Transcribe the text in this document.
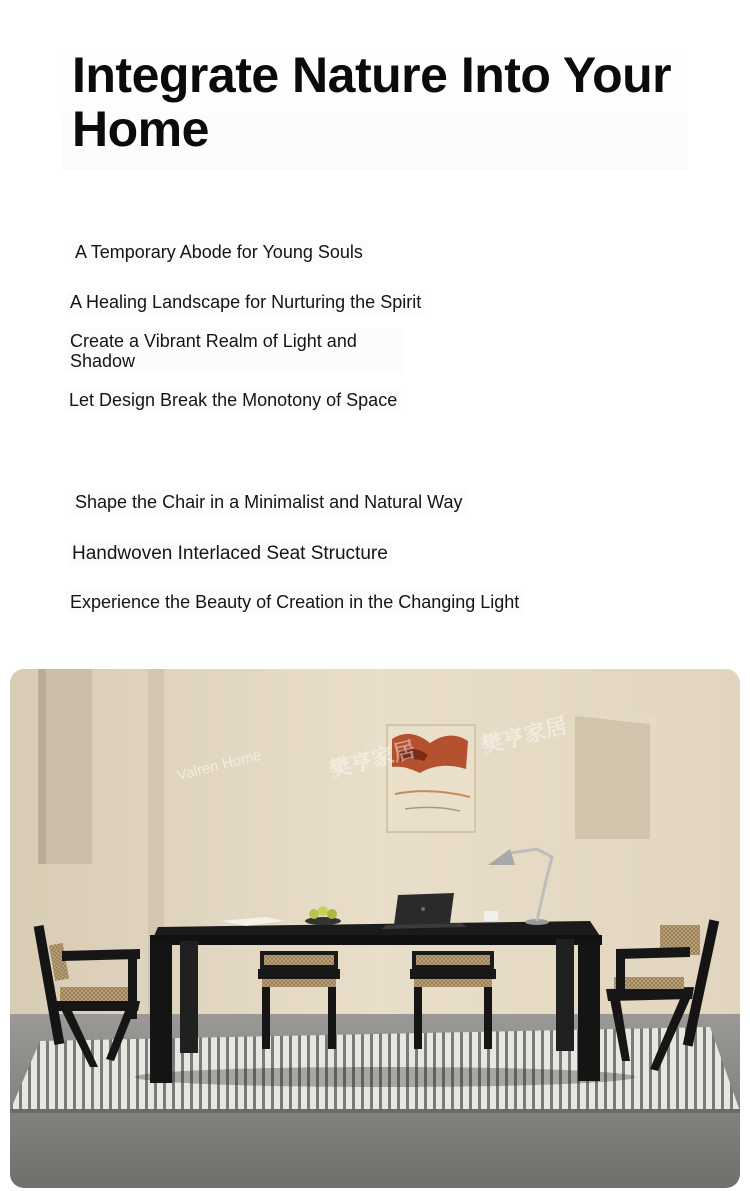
Integrate Nature Into Your Home
A Temporary Abode for Young Souls
A Healing Landscape for Nurturing the Spirit
Create a Vibrant Realm of Light and Shadow
Let Design Break the Monotony of Space
Shape the Chair in a Minimalist and Natural Way
Handwoven Interlaced Seat Structure
Experience the Beauty of Creation in the Changing Light
Valren Home	樊亨家居
樊亨家居
